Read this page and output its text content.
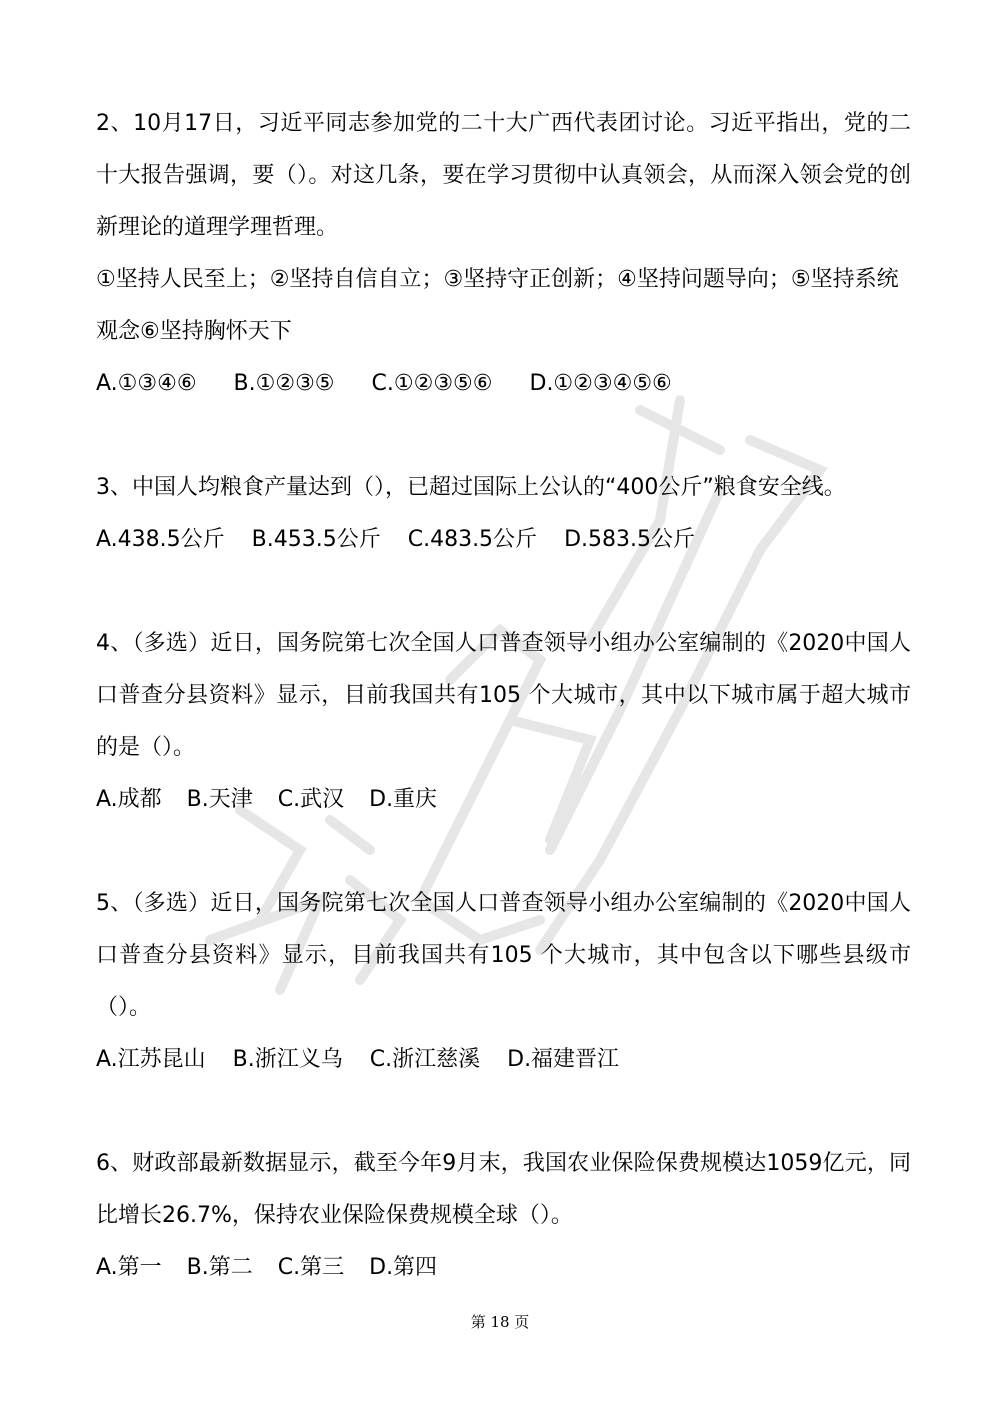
2、10月17日，习近平同志参加党的二十大广西代表团讨论。习近平指出，党的二十大报告强调，要（）。对这几条，要在学习贯彻中认真领会，从而深入领会党的创新理论的道理学理哲理。

①坚持人民至上；②坚持自信自立；③坚持守正创新；④坚持问题导向；⑤坚持系统观念⑥坚持胸怀天下

A.①③④⑥ B.①②③⑤ C.①②③⑤⑥ D.①②③④⑤⑥

3、中国人均粮食产量达到（），已超过国际上公认的“400公斤”粮食安全线。

A.438.5公斤 B.453.5公斤 C.483.5公斤 D.583.5公斤

4、（多选）近日，国务院第七次全国人口普查领导小组办公室编制的《2020中国人口普查分县资料》显示，目前我国共有105 个大城市，其中以下城市属于超大城市的是（）。

A.成都 B.天津 C.武汉 D.重庆

5、（多选）近日，国务院第七次全国人口普查领导小组办公室编制的《2020中国人口普查分县资料》显示，目前我国共有105 个大城市，其中包含以下哪些县级市（）。

A.江苏昆山 B.浙江义乌 C.浙江慈溪 D.福建晋江

6、财政部最新数据显示，截至今年9月末，我国农业保险保费规模达1059亿元，同比增长26.7%，保持农业保险保费规模全球（）。

A.第一 B.第二 C.第三 D.第四

第 18 页
